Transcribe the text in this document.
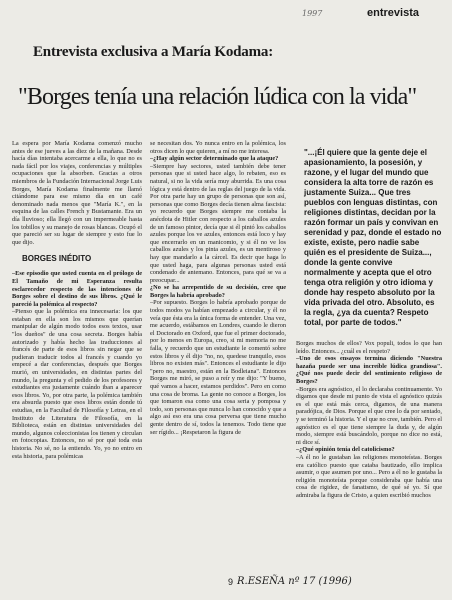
1997	entrevista
Entrevista exclusiva a María Kodama:
"Borges tenía una relación lúdica con la vida"

La espera por María Kodama comenzó mucho antes de ese jueves a las diez de la mañana. Desde hacía días intentaba acercarme a ella, lo que no es nada fácil por los viajes, conferencias y múltiples ocupaciones que la absorben. Gracias a otros miembros de la Fundación Internacional Jorge Luis Borges, María Kodama finalmente me llamó citándome para ese mismo día en un café denominado nada menos que "María K.", en la esquina de las calles French y Bustamante. Era un día lluvioso; ella llegó con un impermeable hasta los tobillos y su manejo de rosas blancas. Ocupó el que pareció ser su lugar de siempre y esto fue lo que dijo.

BORGES INÉDITO

–Ese episodio que usted cuenta en el prólogo de El Tamaño de mi Esperanza resulta esclarecedor respecto de las intenciones de Borges sobre el destino de sus libros. ¿Qué le pareció la polémica al respecto?

–Pienso que la polémica era innecesaria: los que estaban en ella son los mismos que querían manipular de algún modo todos esos textos, usar "los dueños" de una cosa secreta. Borges había autorizado y había hecho las traducciones al francés de parte de esos libros sin negar que se pudieran traducir todos al francés y cuando yo empecé a dar conferencias, después que Borges murió, en universidades, en distintas partes del mundo, la pregunta y el pedido de los profesores y estudiantes era justamente cuándo iban a aparecer esos libros. Yo, por otra parte, la polémica también era absurda puesto que esos libros están donde tú estudias, en la Facultad de Filosofía y Letras, en el Instituto de Literatura de Filosofía, en la Biblioteca, están en distintas universidades del mundo, algunos coleccionistas los tienen y circulan en fotocopias. Entonces, no sé por qué toda esta historia. No sé, no la entiendo. Yo, yo no entro en esta historia, para polémicas

se necesitan dos. Yo nunca entro en la polémica, los otros dicen lo que quieren, a mí no me interesa.

–¿Hay algún sector determinado que la ataque?

–Siempre hay sectores, usted también debe tener personas que si usted hace algo, lo rebaten, eso es natural, si no la vida sería muy aburrida. Es una cosa lógica y está dentro de las reglas del juego de la vida. Por otra parte hay un grupo de personas que son así, personas que como Borges decía tienen alma fascista: yo recuerdo que Borges siempre me contaba la anécdota de Hitler con respecto a los caballos azules de un famoso pintor, decía que si él pintó los caballos azules porque los ve azules, entonces está loco y hay que encerrarlo en un manicomio, y si él no ve los caballos azules y los pinta azules, es un mentiroso y hay que mandarlo a la cárcel. Es decir que haga lo que usted haga, para algunas personas usted está condenado de antemano. Entonces, para qué se va a preocupar...

¿No se ha arrepentido de su decisión, cree que Borges la habría aprobado?

–Por supuesto. Borges lo habría aprobado porque de todos modos ya habían empezado a circular, y él no veía que ésta era la única forma de entender. Una vez, me acuerdo, estábamos en Londres, cuando le dieron el Doctorado en Oxford, que fue el primer doctorado, por lo menos en Europa, creo, si mi memoria no me falla, y recuerdo que un estudiante le comentó sobre estos libros y él dijo "no, no, quedese tranquilo, esos libros no existen más". Entonces el estudiante le dijo "pero no, maestro, están en la Bodleiana". Entonces Borges me miró, se puso a reír y me dijo: "Y bueno, qué vamos a hacer, estamos perdidos". Pero en como una cosa de broma. La gente no conoce a Borges, los que tomaron esa como una cosa seria y pomposa y todo, son personas que nunca lo han conocido y que a algo así eso era una cosa perversa que tiene mucho gente dentro de sí, todos la tenemos. Todo tiene que ser rígido... ¡Respetaron la figura de

"...¡Él quiere que la gente deje el apasionamiento, la posesión, y razone, y el lugar del mundo que considera la alta torre de razón es justamente Suiza... Que tres pueblos con lenguas distintas, con religiones distintas, decidan por la razón formar un país y convivan en serenidad y paz, donde el estado no existe, existe, pero nadie sabe quién es el presidente de Suiza..., donde la gente convive normalmente y acepta que el otro tenga otra religión y otro idioma y donde hay respeto absoluto por la vida privada del otro. Absoluto, es la regla, ¿ya da cuenta? Respeto total, por parte de todos."

Borges muchos de ellos? Vox populi, todos lo que han leído. Entonces... ¿cuál es el respeto?

–Uno de esos ensayos termina diciendo "Nuestra hazaña puede ser una increíble lúdica grandiosa". ¿Qué nos puede decir del sentimiento religioso de Borges?

–Borges era agnóstico, el lo declaraba continuamente. Yo digamos que desde mi punto de vista el agnóstico quizás es el que está más cerca, digamos, de una manera paradójica, de Dios. Porque el que cree lo da por sentado, y se terminó la historia. Y el que no cree, también. Pero el agnóstico es el que tiene siempre la duda y, de algún modo, siempre está buscándolo, porque no dice no está, ni dice sí.

–¿Qué opinión tenía del catolicismo?

–A él no le gustaban las religiones monoteístas. Borges era católico puesto que cataba bautizado, ello implica asumir, o que asumen por uno... Pero a él no le gustaba la religión monoteísta porque consideraba que había una cosa de rigidez, de fanatismo, de qué sé yo. Sí que admiraba la figura de Cristo, a quien escribió muchos

9 R.ESEÑA nº 17 (1996)
